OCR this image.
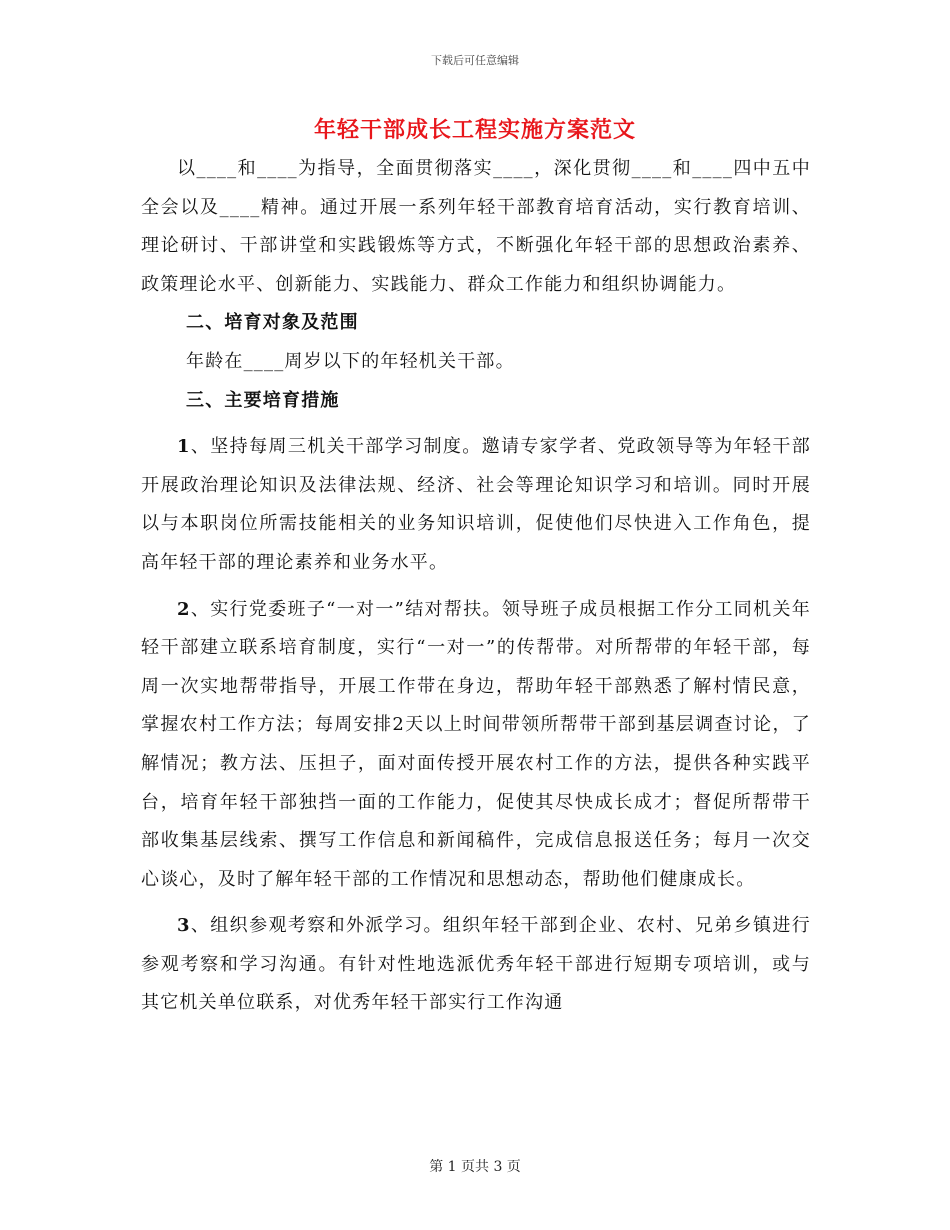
下载后可任意编辑
年轻干部成长工程实施方案范文

以____和____为指导，全面贯彻落实____，深化贯彻____和____四中五中全会以及____精神。通过开展一系列年轻干部教育培育活动，实行教育培训、理论研讨、干部讲堂和实践锻炼等方式，不断强化年轻干部的思想政治素养、政策理论水平、创新能力、实践能力、群众工作能力和组织协调能力。

二、培育对象及范围

年龄在____周岁以下的年轻机关干部。

三、主要培育措施

1、坚持每周三机关干部学习制度。邀请专家学者、党政领导等为年轻干部开展政治理论知识及法律法规、经济、社会等理论知识学习和培训。同时开展以与本职岗位所需技能相关的业务知识培训，促使他们尽快进入工作角色，提高年轻干部的理论素养和业务水平。

2、实行党委班子“一对一”结对帮扶。领导班子成员根据工作分工同机关年轻干部建立联系培育制度，实行“一对一”的传帮带。对所帮带的年轻干部，每周一次实地帮带指导，开展工作带在身边，帮助年轻干部熟悉了解村情民意，掌握农村工作方法；每周安排2天以上时间带领所帮带干部到基层调查讨论，了解情况；教方法、压担子，面对面传授开展农村工作的方法，提供各种实践平台，培育年轻干部独挡一面的工作能力，促使其尽快成长成才；督促所帮带干部收集基层线索、撰写工作信息和新闻稿件，完成信息报送任务；每月一次交心谈心，及时了解年轻干部的工作情况和思想动态，帮助他们健康成长。

3、组织参观考察和外派学习。组织年轻干部到企业、农村、兄弟乡镇进行参观考察和学习沟通。有针对性地选派优秀年轻干部进行短期专项培训，或与其它机关单位联系，对优秀年轻干部实行工作沟通

第 1 页共 3 页
